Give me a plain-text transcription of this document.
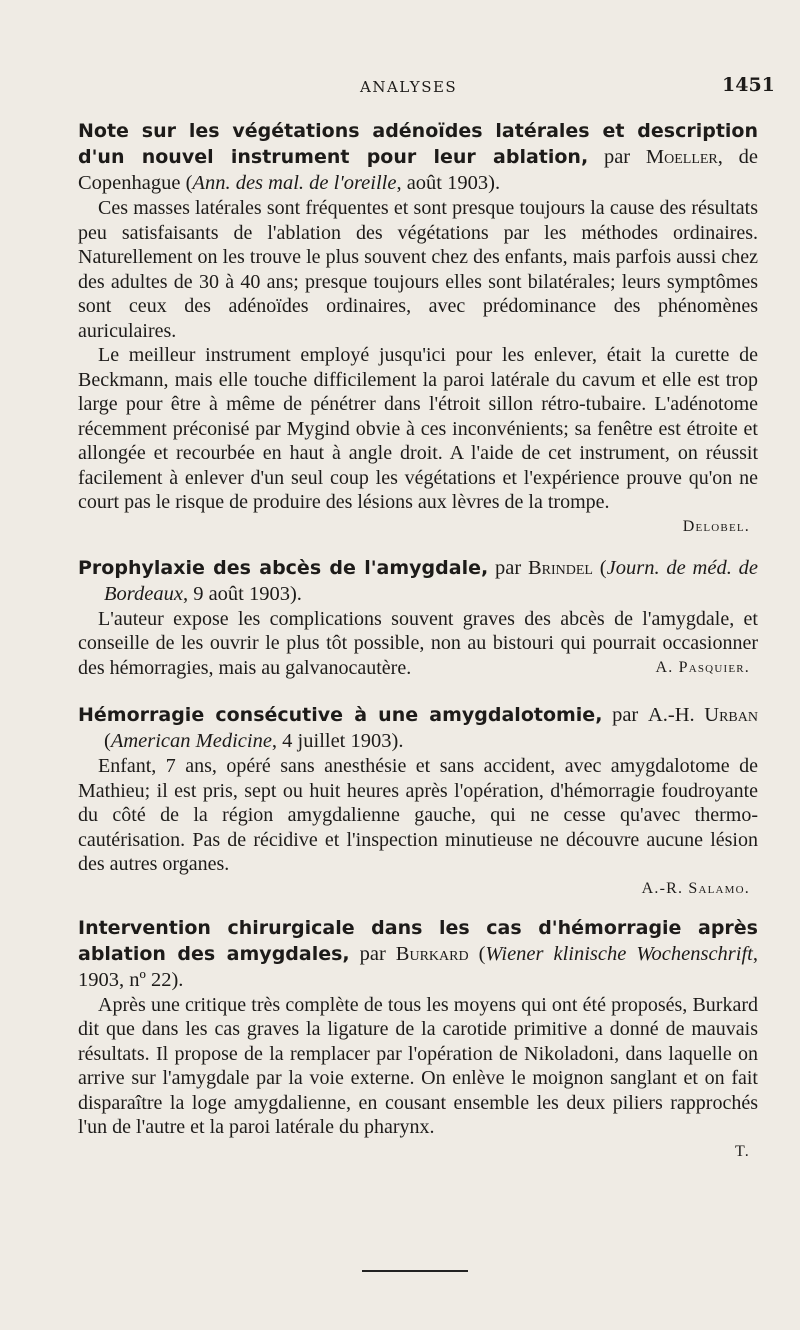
ANALYSES	1451

Note sur les végétations adénoïdes latérales et description d'un nouvel instrument pour leur ablation, par Moeller, de Copenhague (Ann. des mal. de l'oreille, août 1903).

Ces masses latérales sont fréquentes et sont presque toujours la cause des résultats peu satisfaisants de l'ablation des végétations par les méthodes ordinaires. Naturellement on les trouve le plus souvent chez des enfants, mais parfois aussi chez des adultes de 30 à 40 ans; presque toujours elles sont bilatérales; leurs symptômes sont ceux des adénoïdes ordinaires, avec prédominance des phénomènes auriculaires.

Le meilleur instrument employé jusqu'ici pour les enlever, était la curette de Beckmann, mais elle touche difficilement la paroi latérale du cavum et elle est trop large pour être à même de pénétrer dans l'étroit sillon rétro-tubaire. L'adénotome récemment préconisé par Mygind obvie à ces inconvénients; sa fenêtre est étroite et allongée et recourbée en haut à angle droit. A l'aide de cet instrument, on réussit facilement à enlever d'un seul coup les végétations et l'expérience prouve qu'on ne court pas le risque de produire des lésions aux lèvres de la trompe.

Delobel.

Prophylaxie des abcès de l'amygdale, par Brindel (Journ. de méd. de Bordeaux, 9 août 1903).

L'auteur expose les complications souvent graves des abcès de l'amygdale, et conseille de les ouvrir le plus tôt possible, non au bistouri qui pourrait occasionner des hémorragies, mais au galvanocautère.	A. Pasquier.

Hémorragie consécutive à une amygdalotomie, par A.-H. Urban (American Medicine, 4 juillet 1903).

Enfant, 7 ans, opéré sans anesthésie et sans accident, avec amygdalotome de Mathieu; il est pris, sept ou huit heures après l'opération, d'hémorragie foudroyante du côté de la région amygdalienne gauche, qui ne cesse qu'avec thermo-cautérisation. Pas de récidive et l'inspection minutieuse ne découvre aucune lésion des autres organes.

A.-R. Salamo.

Intervention chirurgicale dans les cas d'hémorragie après ablation des amygdales, par Burkard (Wiener klinische Wochenschrift, 1903, nº 22).

Après une critique très complète de tous les moyens qui ont été proposés, Burkard dit que dans les cas graves la ligature de la carotide primitive a donné de mauvais résultats. Il propose de la remplacer par l'opération de Nikoladoni, dans laquelle on arrive sur l'amygdale par la voie externe. On enlève le moignon sanglant et on fait disparaître la loge amygdalienne, en cousant ensemble les deux piliers rapprochés l'un de l'autre et la paroi latérale du pharynx.

T.
